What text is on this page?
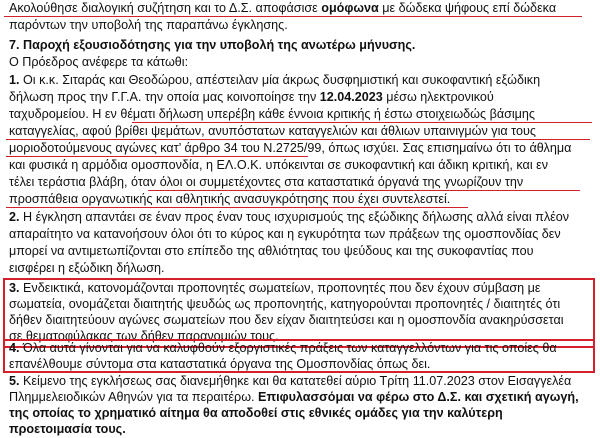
Ακολούθησε διαλογική συζήτηση και το Δ.Σ. αποφάσισε ομόφωνα με δώδεκα ψήφους επί δώδεκα
παρόντων την υποβολή της παραπάνω έγκλησης.
7. Παροχή εξουσιοδότησης για την υποβολή της ανωτέρω μήνυσης.
Ο Πρόεδρος ανέφερε τα κάτωθι:
1. Οι κ.κ. Σιταράς και Θεοδώρου, απέστειλαν μία άκρως δυσφημιστική και συκοφαντική εξώδικη
δήλωση προς την Γ.Γ.Α. την οποία μας κοινοποίησε την 12.04.2023 μέσω ηλεκτρονικού
ταχυδρομείου. Η εν θέματι δήλωση υπερέβη κάθε έννοια κριτικής ή έστω στοιχειωδώς βάσιμης
καταγγελίας, αφού βρίθει ψεμάτων, ανυπόστατων καταγγελιών και άθλιων υπαινιγμών για τους
μοριοδοτούμενους αγώνες κατ’ άρθρο 34 του Ν.2725/99, όπως ισχύει. Σας επισημαίνω ότι το άθλημα
και φυσικά η αρμόδια ομοσπονδία, η ΕΛ.Ο.Κ. υπόκεινται σε συκοφαντική και άδικη κριτική, και εν
τέλει τεράστια βλάβη, όταν όλοι οι συμμετέχοντες στα καταστατικά όργανά της γνωρίζουν την
προσπάθεια οργανωτικής και αθλητικής ανασυγκρότησης που έχει συντελεστεί.
2. Η έγκληση απαντάει σε έναν προς έναν τους ισχυρισμούς της εξώδικης δήλωσης αλλά είναι πλέον
απαραίτητο να κατανοήσουν όλοι ότι το κύρος και η εγκυρότητα των πράξεων της ομοσπονδίας δεν
μπορεί να αντιμετωπίζονται στο επίπεδο της αθλιότητας του ψεύδους και της συκοφαντίας που
εισφέρει η εξώδικη δήλωση.
3. Ενδεικτικά, κατονομάζονται προπονητές σωματείων, προπονητές που δεν έχουν σύμβαση με
σωματεία, ονομάζεται διαιτητής ψευδώς ως προπονητής, κατηγορούνται προπονητές / διαιτητές ότι
δήθεν διαιτητεύουν αγώνες σωματείων που δεν είχαν διαιτητεύσει και η ομοσπονδία ανακηρύσσεται
σε θεματοφύλακας των δήθεν παρανομιών τους.
4. Όλα αυτά γίνονται για να καλυφθούν εξοργιστικές πράξεις των καταγγελλόντων για τις οποίες θα
επανέλθουμε σύντομα στα καταστατικά όργανα της Ομοσπονδίας όπως δει.
5. Κείμενο της εγκλήσεως σας διανεμήθηκε και θα κατατεθεί αύριο Τρίτη 11.07.2023 στον Εισαγγελέα
Πλημμελειοδικών Αθηνών για τα περαιτέρω. Επιφυλασσόμαι να φέρω στο Δ.Σ. και σχετική αγωγή,
της οποίας το χρηματικό αίτημα θα αποδοθεί στις εθνικές ομάδες για την καλύτερη
προετοιμασία τους.
